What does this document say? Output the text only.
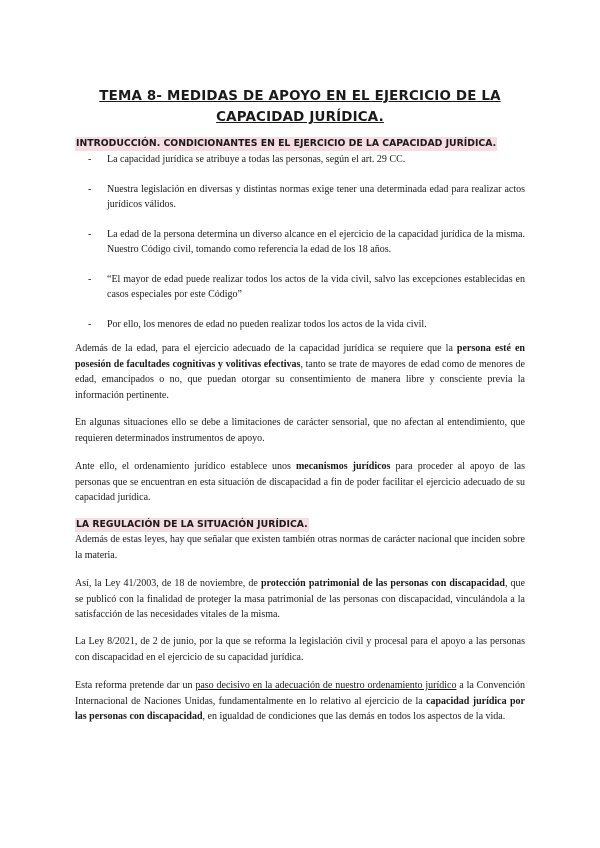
TEMA 8- MEDIDAS DE APOYO EN EL EJERCICIO DE LA CAPACIDAD JURÍDICA.
INTRODUCCIÓN. CONDICIONANTES EN EL EJERCICIO DE LA CAPACIDAD JURÍDICA.
- La capacidad jurídica se atribuye a todas las personas, según el art. 29 CC.
- Nuestra legislación en diversas y distintas normas exige tener una determinada edad para realizar actos jurídicos válidos.
- La edad de la persona determina un diverso alcance en el ejercicio de la capacidad jurídica de la misma. Nuestro Código civil, tomando como referencia la edad de los 18 años.
- “El mayor de edad puede realizar todos los actos de la vida civil, salvo las excepciones establecidas en casos especiales por este Código”
- Por ello, los menores de edad no pueden realizar todos los actos de la vida civil.

Además de la edad, para el ejercicio adecuado de la capacidad jurídica se requiere que la persona esté en posesión de facultades cognitivas y volitivas efectivas, tanto se trate de mayores de edad como de menores de edad, emancipados o no, que puedan otorgar su consentimiento de manera libre y consciente previa la información pertinente.

En algunas situaciones ello se debe a limitaciones de carácter sensorial, que no afectan al entendimiento, que requieren determinados instrumentos de apoyo.

Ante ello, el ordenamiento jurídico establece unos mecanismos jurídicos para proceder al apoyo de las personas que se encuentran en esta situación de discapacidad a fin de poder facilitar el ejercicio adecuado de su capacidad jurídica.

LA REGULACIÓN DE LA SITUACIÓN JURÍDICA.

Además de estas leyes, hay que señalar que existen también otras normas de carácter nacional que inciden sobre la materia.

Así, la Ley 41/2003, de 18 de noviembre, de protección patrimonial de las personas con discapacidad, que se publicó con la finalidad de proteger la masa patrimonial de las personas con discapacidad, vinculándola a la satisfacción de las necesidades vitales de la misma.

La Ley 8/2021, de 2 de junio, por la que se reforma la legislación civil y procesal para el apoyo a las personas con discapacidad en el ejercicio de su capacidad jurídica.

Esta reforma pretende dar un paso decisivo en la adecuación de nuestro ordenamiento jurídico a la Convención Internacional de Naciones Unidas, fundamentalmente en lo relativo al ejercicio de la capacidad jurídica por las personas con discapacidad, en igualdad de condiciones que las demás en todos los aspectos de la vida.
